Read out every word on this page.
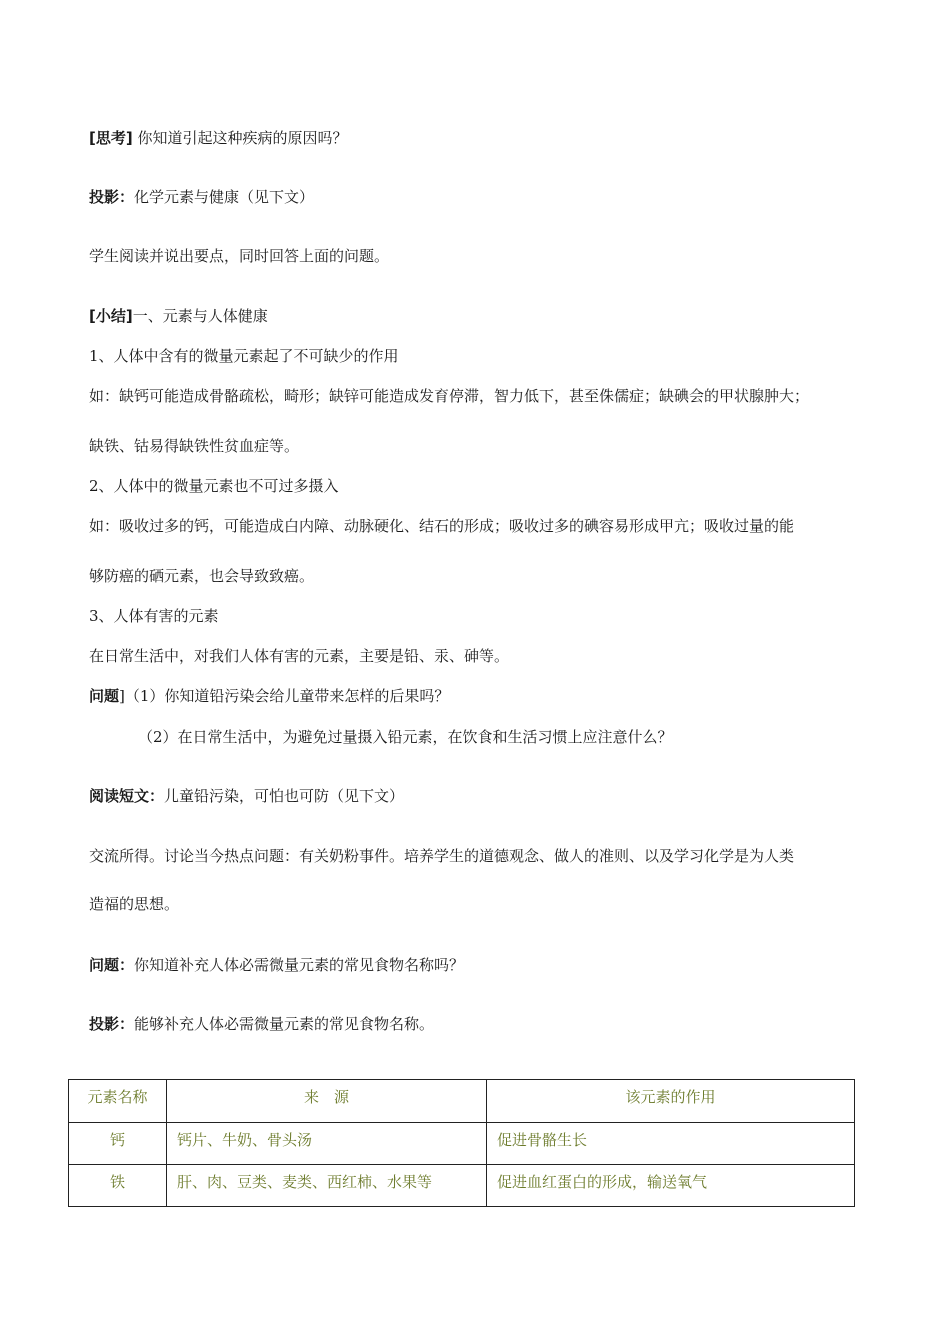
[思考] 你知道引起这种疾病的原因吗？
投影：化学元素与健康（见下文）
学生阅读并说出要点，同时回答上面的问题。
[小结]一、元素与人体健康
1、人体中含有的微量元素起了不可缺少的作用
如：缺钙可能造成骨骼疏松，畸形；缺锌可能造成发育停滞，智力低下，甚至侏儒症；缺碘会的甲状腺肿大；
缺铁、钴易得缺铁性贫血症等。
2、人体中的微量元素也不可过多摄入
如：吸收过多的钙，可能造成白内障、动脉硬化、结石的形成；吸收过多的碘容易形成甲亢；吸收过量的能
够防癌的硒元素，也会导致致癌。
3、人体有害的元素
在日常生活中，对我们人体有害的元素，主要是铅、汞、砷等。
问题]（1）你知道铅污染会给儿童带来怎样的后果吗？
（2）在日常生活中，为避免过量摄入铅元素，在饮食和生活习惯上应注意什么？
阅读短文：儿童铅污染，可怕也可防（见下文）
交流所得。讨论当今热点问题：有关奶粉事件。培养学生的道德观念、做人的准则、以及学习化学是为人类
造福的思想。
问题：你知道补充人体必需微量元素的常见食物名称吗？
投影：能够补充人体必需微量元素的常见食物名称。
元素名称	来　源	该元素的作用
钙	钙片、牛奶、骨头汤	促进骨骼生长
铁	肝、肉、豆类、麦类、西红柿、水果等	促进血红蛋白的形成，输送氧气
